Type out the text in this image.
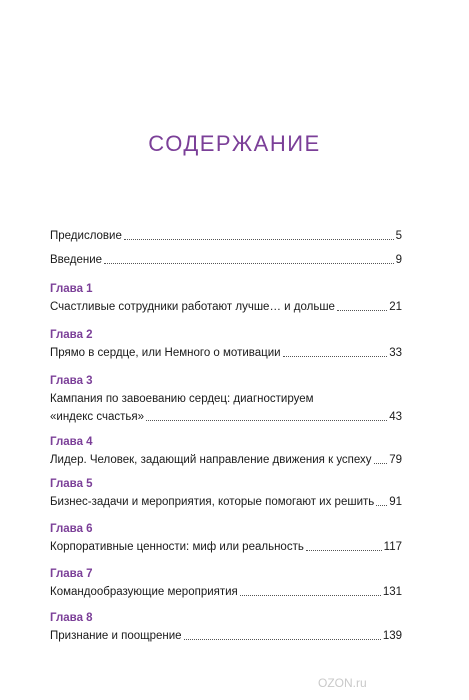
СОДЕРЖАНИЕ
Предисловие	5
Введение	9
Глава 1
Счастливые сотрудники работают лучше… и дольше	21
Глава 2
Прямо в сердце, или Немного о мотивации	33
Глава 3
Кампания по завоеванию сердец: диагностируем
«индекс счастья»	43
Глава 4
Лидер. Человек, задающий направление движения к успеху 79
Глава 5
Бизнес-задачи и мероприятия, которые помогают их решить 91
Глава 6
Корпоративные ценности: миф или реальность	117
Глава 7
Командообразующие мероприятия	131
Глава 8
Признание и поощрение	139
OZON.ru
